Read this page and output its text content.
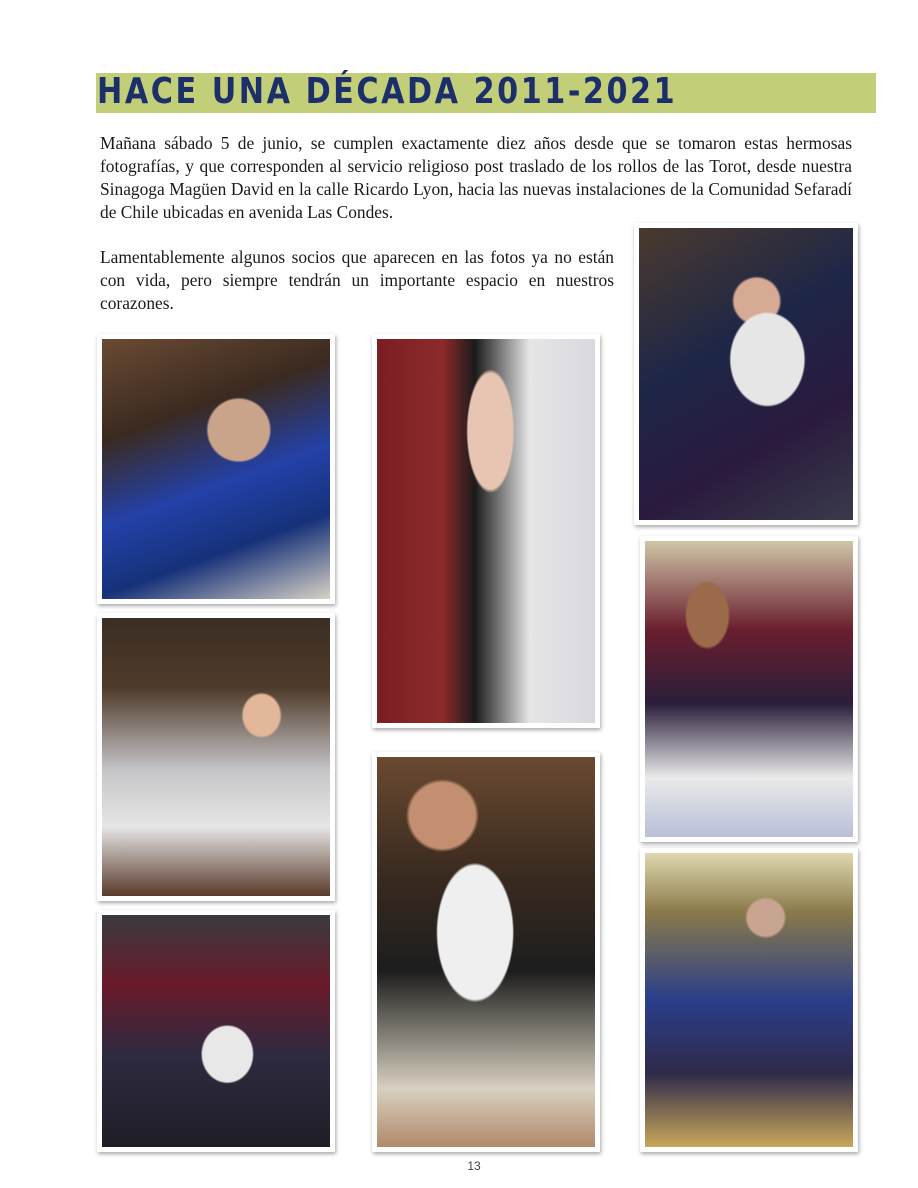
HACE UNA DÉCADA 2011-2021

Mañana sábado 5 de junio, se cumplen exactamente diez años desde que se tomaron estas hermosas fotografías, y que corresponden al servicio religioso post traslado de los rollos de las Torot, desde nuestra Sinagoga Magüen David en la calle Ricardo Lyon, hacia las nuevas instalaciones de la Comunidad Sefaradí de Chile ubicadas en avenida Las Condes.

Lamentablemente algunos socios que aparecen en las fotos ya no están con vida, pero siempre tendrán un importante espacio en nuestros corazones.

13
